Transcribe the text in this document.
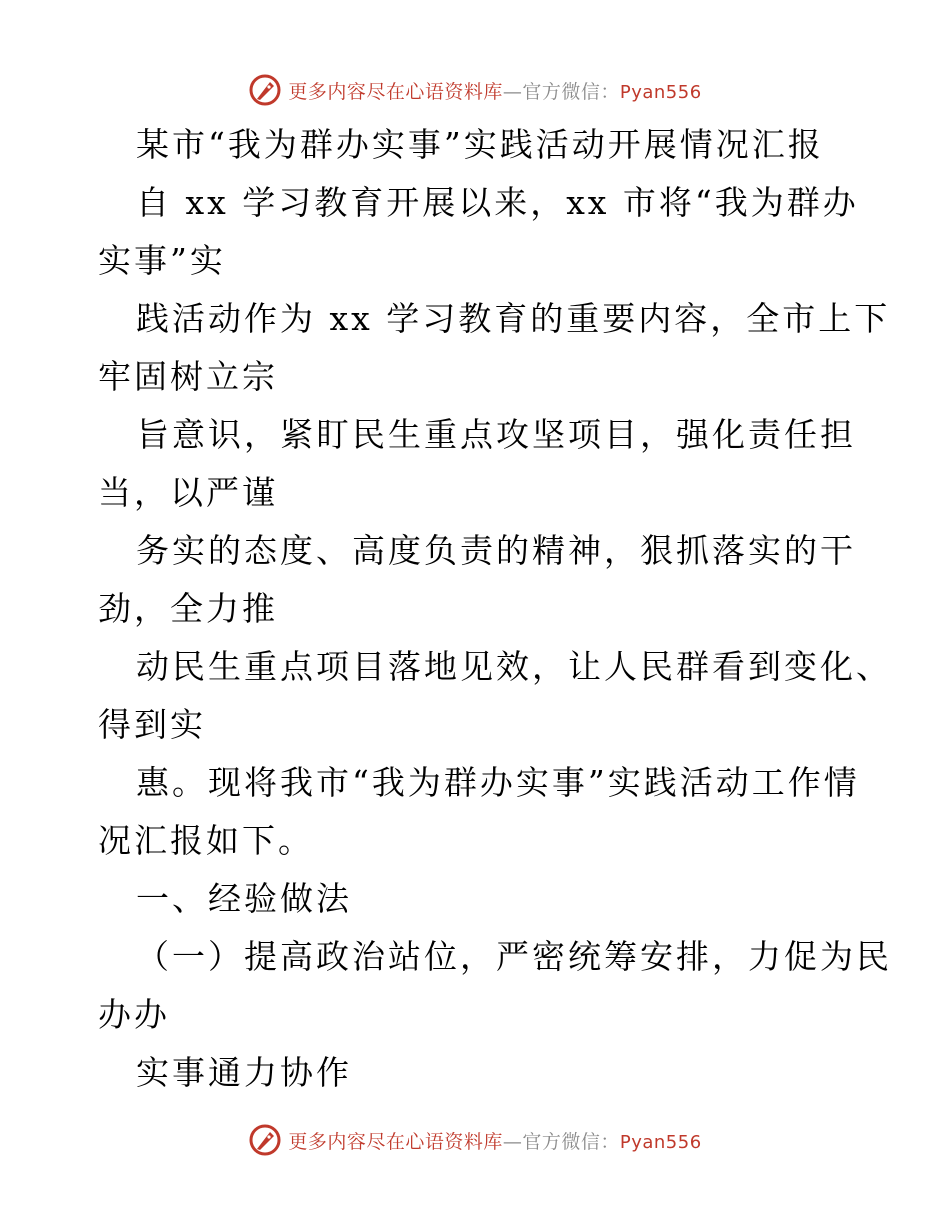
更多内容尽在心语资料库—官方微信：Pyan556
某市“我为群办实事”实践活动开展情况汇报
自 xx 学习教育开展以来，xx 市将“我为群办
实事”实
践活动作为 xx 学习教育的重要内容，全市上下
牢固树立宗
旨意识，紧盯民生重点攻坚项目，强化责任担
当，以严谨
务实的态度、高度负责的精神，狠抓落实的干
劲，全力推
动民生重点项目落地见效，让人民群看到变化、
得到实
惠。现将我市“我为群办实事”实践活动工作情
况汇报如下。
一、经验做法
（一）提高政治站位，严密统筹安排，力促为民
办办
实事通力协作
更多内容尽在心语资料库—官方微信：Pyan556
